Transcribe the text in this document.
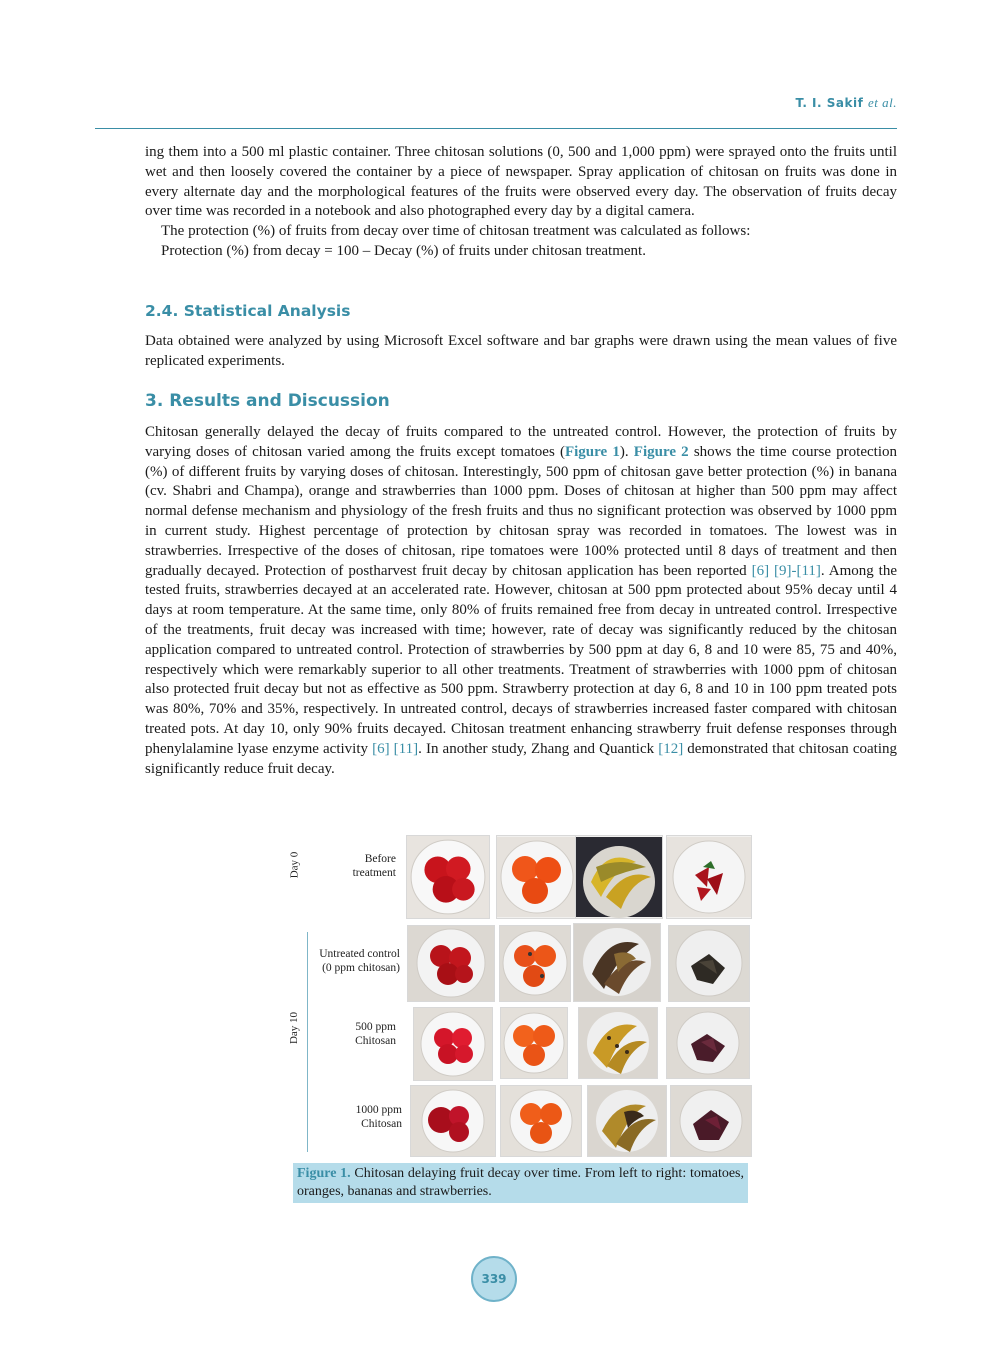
T. I. Sakif et al.

ing them into a 500 ml plastic container. Three chitosan solutions (0, 500 and 1,000 ppm) were sprayed onto the fruits until wet and then loosely covered the container by a piece of newspaper. Spray application of chitosan on fruits was done in every alternate day and the morphological features of the fruits were observed every day. The observation of fruits decay over time was recorded in a notebook and also photographed every day by a digital camera.

The protection (%) of fruits from decay over time of chitosan treatment was calculated as follows:

Protection (%) from decay = 100 – Decay (%) of fruits under chitosan treatment.

2.4. Statistical Analysis

Data obtained were analyzed by using Microsoft Excel software and bar graphs were drawn using the mean values of five replicated experiments.

3. Results and Discussion

Chitosan generally delayed the decay of fruits compared to the untreated control. However, the protection of fruits by varying doses of chitosan varied among the fruits except tomatoes (Figure 1). Figure 2 shows the time course protection (%) of different fruits by varying doses of chitosan. Interestingly, 500 ppm of chitosan gave better protection (%) in banana (cv. Shabri and Champa), orange and strawberries than 1000 ppm. Doses of chitosan at higher than 500 ppm may affect normal defense mechanism and physiology of the fresh fruits and thus no significant protection was observed by 1000 ppm in current study. Highest percentage of protection by chitosan spray was recorded in tomatoes. The lowest was in strawberries. Irrespective of the doses of chitosan, ripe tomatoes were 100% protected until 8 days of treatment and then gradually decayed. Protection of postharvest fruit decay by chitosan application has been reported [6] [9]-[11]. Among the tested fruits, strawberries decayed at an accelerated rate. However, chitosan at 500 ppm protected about 95% decay until 4 days at room temperature. At the same time, only 80% of fruits remained free from decay in untreated control. Irrespective of the treatments, fruit decay was increased with time; however, rate of decay was significantly reduced by the chitosan application compared to untreated control. Protection of strawberries by 500 ppm at day 6, 8 and 10 were 85, 75 and 40%, respectively which were remarkably superior to all other treatments. Treatment of strawberries with 1000 ppm of chitosan also protected fruit decay but not as effective as 500 ppm. Strawberry protection at day 6, 8 and 10 in 100 ppm treated pots was 80%, 70% and 35%, respectively. In untreated control, decays of strawberries increased faster compared with chitosan treated pots. At day 10, only 90% fruits decayed. Chitosan treatment enhancing strawberry fruit defense responses through phenylalamine lyase enzyme activity [6] [11]. In another study, Zhang and Quantick [12] demonstrated that chitosan coating significantly reduce fruit decay.

Day 0
Day 10
Before
treatment
Untreated control
(0 ppm chitosan)
500 ppm
Chitosan
1000 ppm
Chitosan
Figure 1. Chitosan delaying fruit decay over time. From left to right: tomatoes, oranges, bananas and strawberries.
339
